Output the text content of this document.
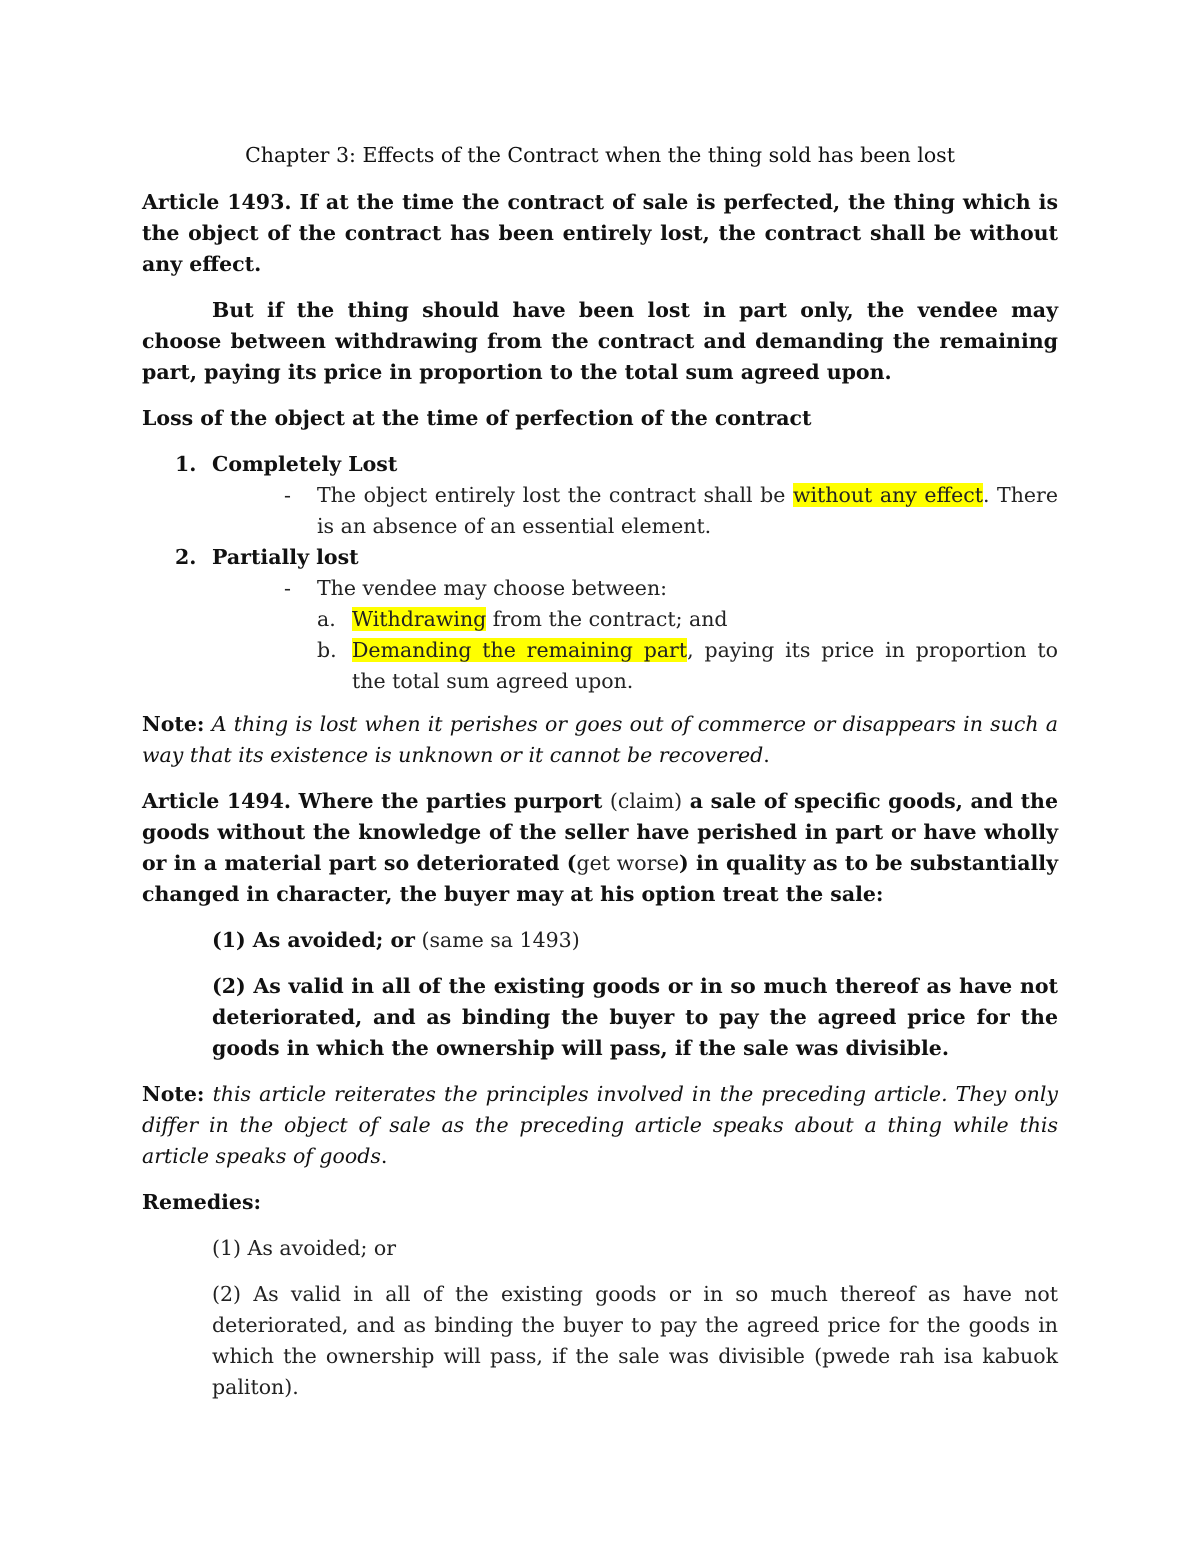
Chapter 3: Effects of the Contract when the thing sold has been lost

Article 1493. If at the time the contract of sale is perfected, the thing which is the object of the contract has been entirely lost, the contract shall be without any effect.

But if the thing should have been lost in part only, the vendee may choose between withdrawing from the contract and demanding the remaining part, paying its price in proportion to the total sum agreed upon.

Loss of the object at the time of perfection of the contract

1. Completely Lost

- The object entirely lost the contract shall be without any effect. There is an absence of an essential element.

2. Partially lost

- The vendee may choose between:

a. Withdrawing from the contract; and

b. Demanding the remaining part, paying its price in proportion to the total sum agreed upon.

Note: A thing is lost when it perishes or goes out of commerce or disappears in such a way that its existence is unknown or it cannot be recovered.

Article 1494. Where the parties purport (claim) a sale of specific goods, and the goods without the knowledge of the seller have perished in part or have wholly or in a material part so deteriorated (get worse) in quality as to be substantially changed in character, the buyer may at his option treat the sale:

(1) As avoided; or (same sa 1493)

(2) As valid in all of the existing goods or in so much thereof as have not deteriorated, and as binding the buyer to pay the agreed price for the goods in which the ownership will pass, if the sale was divisible.

Note: this article reiterates the principles involved in the preceding article. They only differ in the object of sale as the preceding article speaks about a thing while this article speaks of goods.

Remedies:

(1) As avoided; or

(2) As valid in all of the existing goods or in so much thereof as have not deteriorated, and as binding the buyer to pay the agreed price for the goods in which the ownership will pass, if the sale was divisible (pwede rah isa kabuok paliton).
